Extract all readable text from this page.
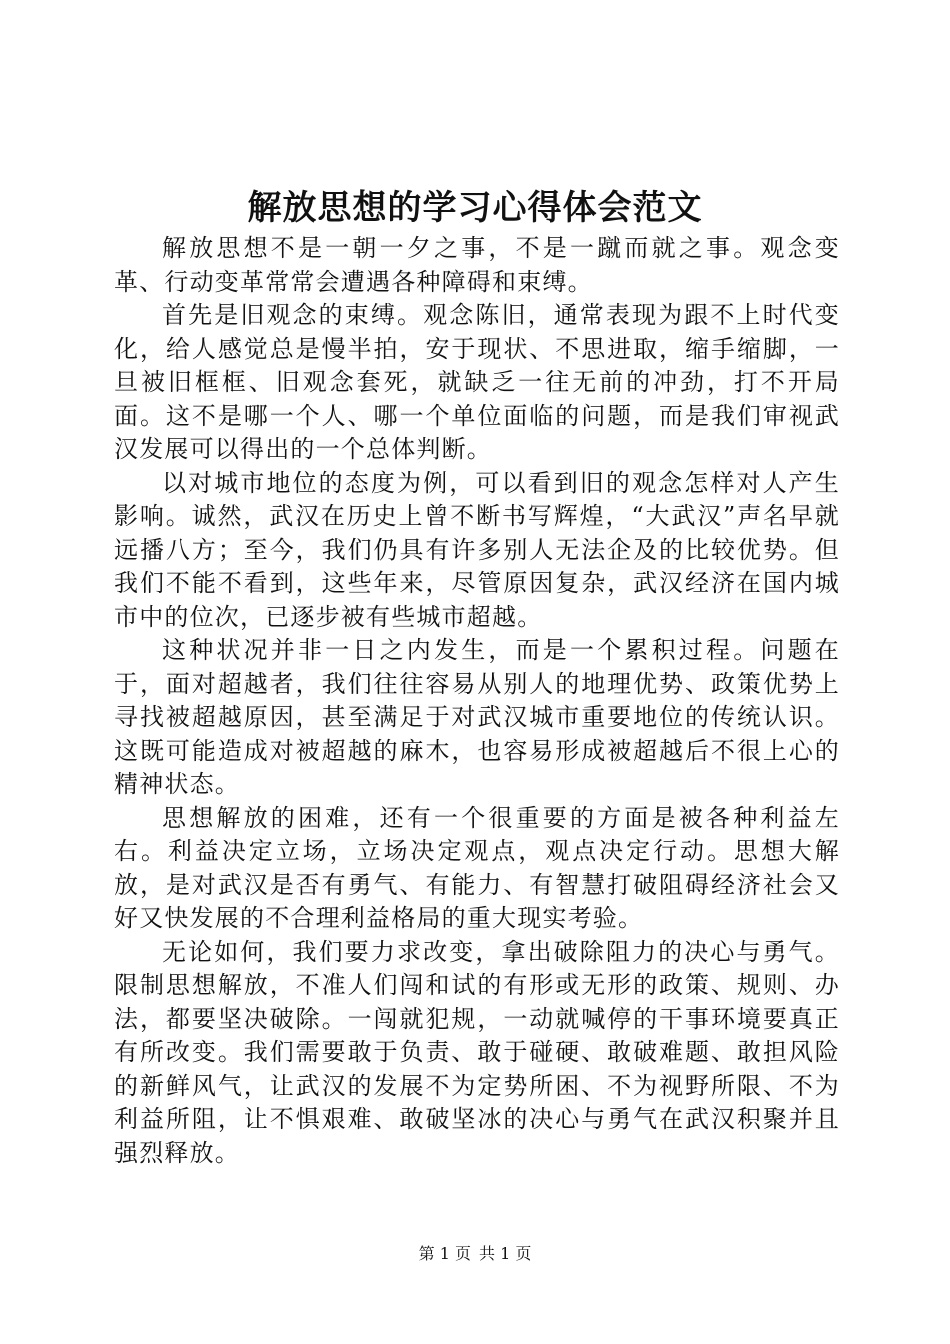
解放思想的学习心得体会范文

解放思想不是一朝一夕之事，不是一蹴而就之事。观念变革、行动变革常常会遭遇各种障碍和束缚。

首先是旧观念的束缚。观念陈旧，通常表现为跟不上时代变化，给人感觉总是慢半拍，安于现状、不思进取，缩手缩脚，一旦被旧框框、旧观念套死，就缺乏一往无前的冲劲，打不开局面。这不是哪一个人、哪一个单位面临的问题，而是我们审视武汉发展可以得出的一个总体判断。

以对城市地位的态度为例，可以看到旧的观念怎样对人产生影响。诚然，武汉在历史上曾不断书写辉煌，“大武汉”声名早就远播八方；至今，我们仍具有许多别人无法企及的比较优势。但我们不能不看到，这些年来，尽管原因复杂，武汉经济在国内城市中的位次，已逐步被有些城市超越。

这种状况并非一日之内发生，而是一个累积过程。问题在于，面对超越者，我们往往容易从别人的地理优势、政策优势上寻找被超越原因，甚至满足于对武汉城市重要地位的传统认识。这既可能造成对被超越的麻木，也容易形成被超越后不很上心的精神状态。

思想解放的困难，还有一个很重要的方面是被各种利益左右。利益决定立场，立场决定观点，观点决定行动。思想大解放，是对武汉是否有勇气、有能力、有智慧打破阻碍经济社会又好又快发展的不合理利益格局的重大现实考验。

无论如何，我们要力求改变，拿出破除阻力的决心与勇气。限制思想解放，不准人们闯和试的有形或无形的政策、规则、办法，都要坚决破除。一闯就犯规，一动就喊停的干事环境要真正有所改变。我们需要敢于负责、敢于碰硬、敢破难题、敢担风险的新鲜风气，让武汉的发展不为定势所困、不为视野所限、不为利益所阻，让不惧艰难、敢破坚冰的决心与勇气在武汉积聚并且强烈释放。

第 1 页 共 1 页
